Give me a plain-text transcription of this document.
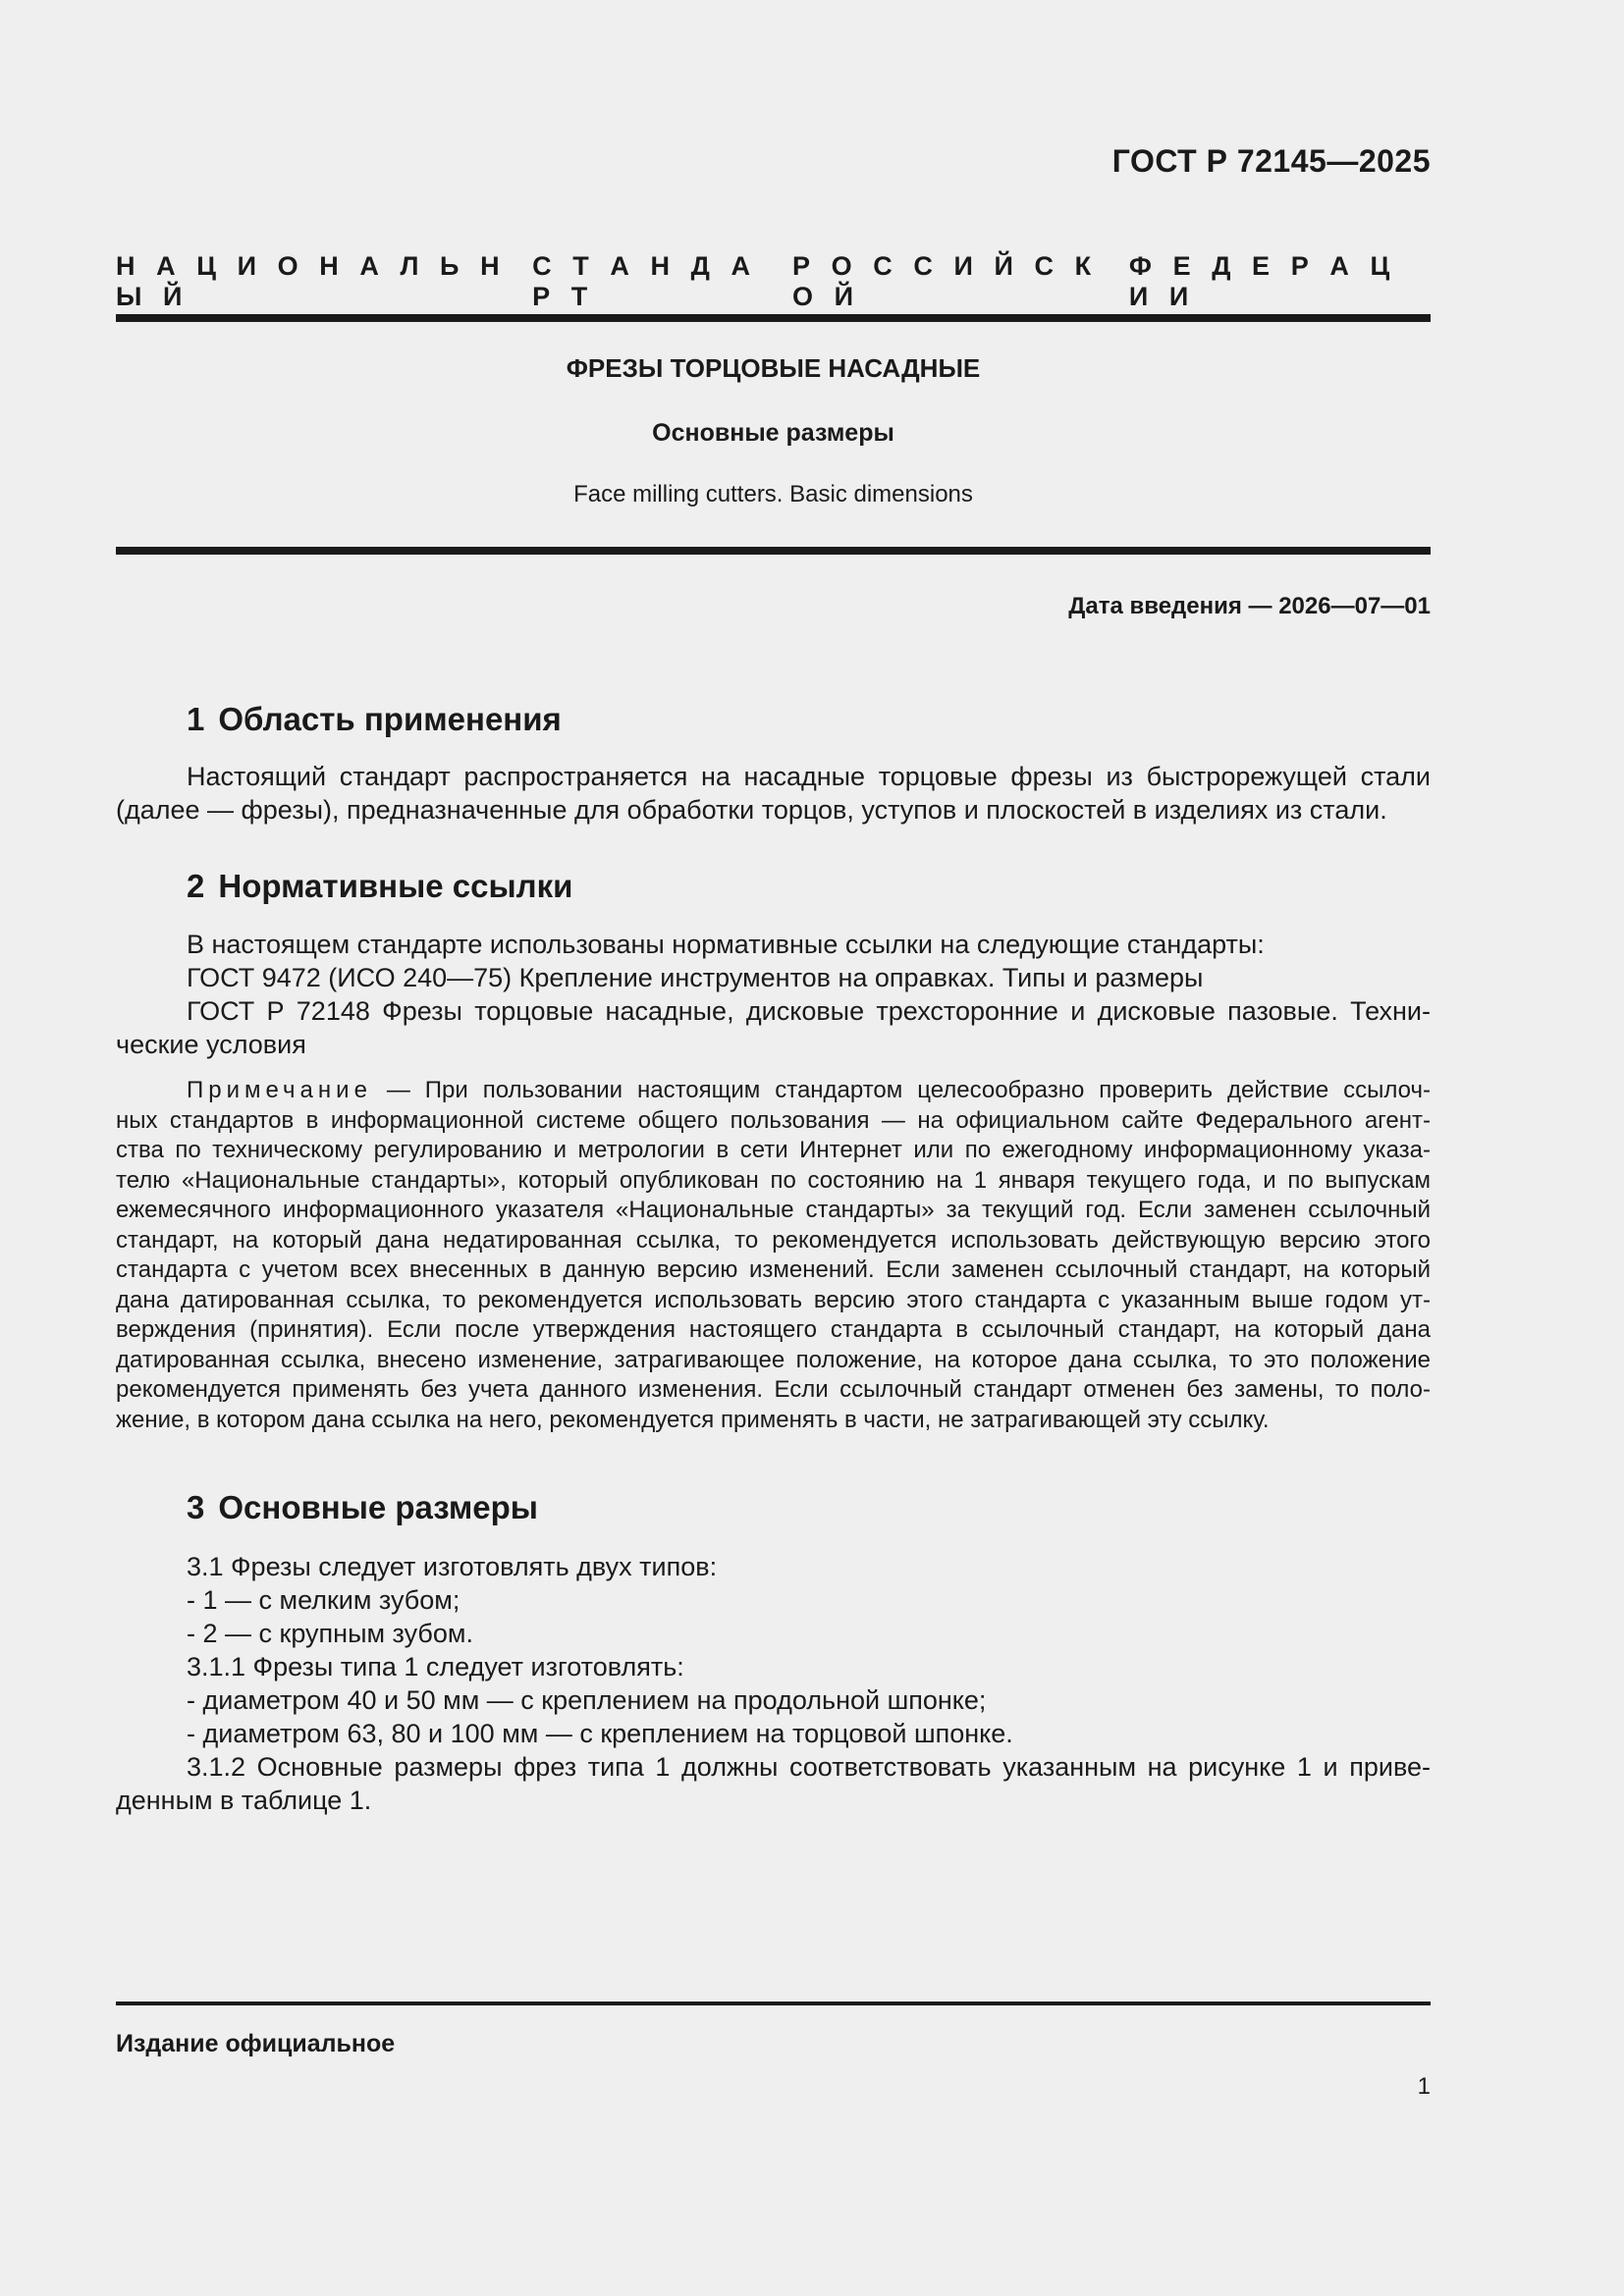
ГОСТ Р 72145—2025
Н    А    Ц    И    О    Н    А    Л    Ь    Н    Ы    Й
С    Т    А    Н    Д    А    Р    Т
Р    О    С    С    И    Й    С    К    О    Й
Ф    Е    Д    Е    Р    А    Ц    И    И
ФРЕЗЫ ТОРЦОВЫЕ НАСАДНЫЕ
Основные размеры
Face milling cutters. Basic dimensions
Дата введения — 2026—07—01
1 Область применения

Настоящий стандарт распространяется на насадные торцовые фрезы из быстрорежущей стали

(далее — фрезы), предназначенные для обработки торцов, уступов и плоскостей в изделиях из стали.

2 Нормативные ссылки

В настоящем стандарте использованы нормативные ссылки на следующие стандарты:

ГОСТ 9472 (ИСО 240—75) Крепление инструментов на оправках. Типы и размеры

ГОСТ Р 72148 Фрезы торцовые насадные, дисковые трехсторонние и дисковые пазовые. Техни-

ческие условия

Примечание — При пользовании настоящим стандартом целесообразно проверить действие ссылоч-

ных стандартов в информационной системе общего пользования — на официальном сайте Федерального агент-

ства по техническому регулированию и метрологии в сети Интернет или по ежегодному информационному указа-

телю «Национальные стандарты», который опубликован по состоянию на 1 января текущего года, и по выпускам

ежемесячного информационного указателя «Национальные стандарты» за текущий год. Если заменен ссылочный

стандарт, на который дана недатированная ссылка, то рекомендуется использовать действующую версию этого

стандарта с учетом всех внесенных в данную версию изменений. Если заменен ссылочный стандарт, на который

дана датированная ссылка, то рекомендуется использовать версию этого стандарта с указанным выше годом ут-

верждения (принятия). Если после утверждения настоящего стандарта в ссылочный стандарт, на который дана

датированная ссылка, внесено изменение, затрагивающее положение, на которое дана ссылка, то это положение

рекомендуется применять без учета данного изменения. Если ссылочный стандарт отменен без замены, то поло-

жение, в котором дана ссылка на него, рекомендуется применять в части, не затрагивающей эту ссылку.

3 Основные размеры

3.1 Фрезы следует изготовлять двух типов:

- 1 — с мелким зубом;

- 2 — с крупным зубом.

3.1.1 Фрезы типа 1 следует изготовлять:

- диаметром 40 и 50 мм — с креплением на продольной шпонке;

- диаметром 63, 80 и 100 мм — с креплением на торцовой шпонке.

3.1.2 Основные размеры фрез типа 1 должны соответствовать указанным на рисунке 1 и приве-

денным в таблице 1.

Издание официальное
1
